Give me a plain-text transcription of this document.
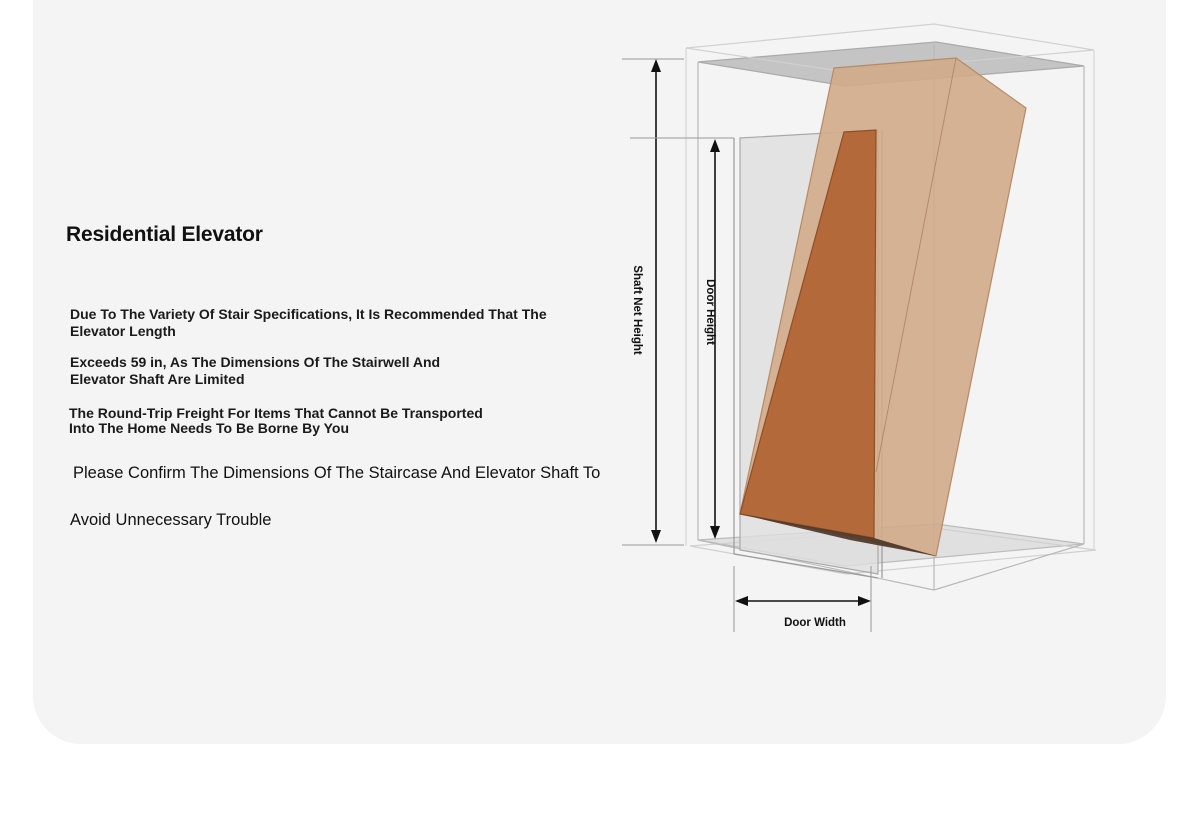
Residential Elevator
Due To The Variety Of Stair Specifications, It Is Recommended That The Elevator Length
Exceeds 59 in, As The Dimensions Of The Stairwell And Elevator Shaft Are Limited
The Round-Trip Freight For Items That Cannot Be Transported Into The Home Needs To Be Borne By You
Please Confirm The Dimensions Of The Staircase And Elevator Shaft To
Avoid Unnecessary Trouble
Shaft Net Height	Door Height
Door Width
